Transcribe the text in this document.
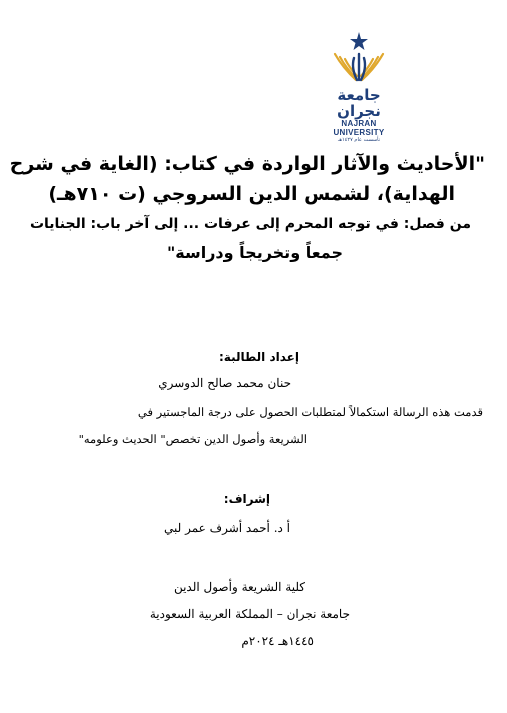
جامعة نجران
NAJRAN UNIVERSITY
تأسست عام ١٤٢٧هـ
"الأحاديث والآثار الواردة في كتاب: (الغاية في شرح
الهداية)، لشمس الدين السروجي (ت ٧١٠هـ)
من فصل: في توجه المحرم إلى عرفات ... إلى آخر باب: الجنايات
جمعاً وتخريجاً ودراسة"
إعداد الطالبة:
حنان محمد صالح الدوسري
قدمت هذه الرسالة استكمالاً لمتطلبات الحصول على درجة الماجستير في
الشريعة وأصول الدين تخصص" الحديث وعلومه"
إشراف:
أ د. أحمد أشرف عمر لبي
كلية الشريعة وأصول الدين
جامعة نجران – المملكة العربية السعودية
١٤٤٥هـ ٢٠٢٤م
